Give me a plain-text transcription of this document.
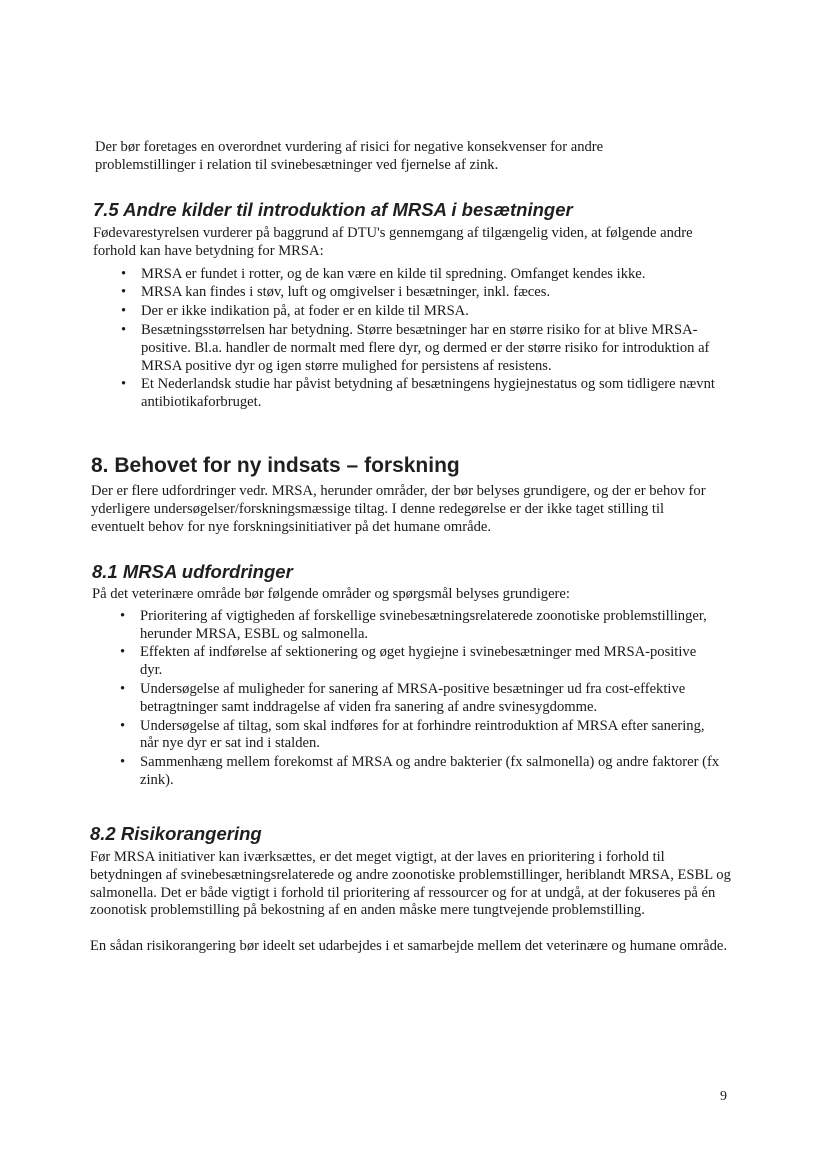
Der bør foretages en overordnet vurdering af risici for negative konsekvenser for andre problemstillinger i relation til svinebesætninger ved fjernelse af zink.

7.5 Andre kilder til introduktion af MRSA i besætninger

Fødevarestyrelsen vurderer på baggrund af DTU's gennemgang af tilgængelig viden, at følgende andre forhold kan have betydning for MRSA:

• MRSA er fundet i rotter, og de kan være en kilde til spredning. Omfanget kendes ikke.
• MRSA kan findes i støv, luft og omgivelser i besætninger, inkl. fæces.
• Der er ikke indikation på, at foder er en kilde til MRSA.
• Besætningsstørrelsen har betydning. Større besætninger har en større risiko for at blive MRSA-positive. Bl.a. handler de normalt med flere dyr, og dermed er der større risiko for introduktion af MRSA positive dyr og igen større mulighed for persistens af resistens.
• Et Nederlandsk studie har påvist betydning af besætningens hygiejnestatus og som tidligere nævnt antibiotikaforbruget.
8. Behovet for ny indsats – forskning

Der er flere udfordringer vedr. MRSA, herunder områder, der bør belyses grundigere, og der er behov for yderligere undersøgelser/forskningsmæssige tiltag. I denne redegørelse er der ikke taget stilling til eventuelt behov for nye forskningsinitiativer på det humane område.

8.1 MRSA udfordringer

På det veterinære område bør følgende områder og spørgsmål belyses grundigere:

• Prioritering af vigtigheden af forskellige svinebesætningsrelaterede zoonotiske problemstillinger, herunder MRSA, ESBL og salmonella.
• Effekten af indførelse af sektionering og øget hygiejne i svinebesætninger med MRSA-positive dyr.
• Undersøgelse af muligheder for sanering af MRSA-positive besætninger ud fra cost-effektive betragtninger samt inddragelse af viden fra sanering af andre svinesygdomme.
• Undersøgelse af tiltag, som skal indføres for at forhindre reintroduktion af MRSA efter sanering, når nye dyr er sat ind i stalden.
• Sammenhæng mellem forekomst af MRSA og andre bakterier (fx salmonella) og andre faktorer (fx zink).
8.2 Risikorangering

Før MRSA initiativer kan iværksættes, er det meget vigtigt, at der laves en prioritering i forhold til betydningen af svinebesætningsrelaterede og andre zoonotiske problemstillinger, heriblandt MRSA, ESBL og salmonella. Det er både vigtigt i forhold til prioritering af ressourcer og for at undgå, at der fokuseres på én zoonotisk problemstilling på bekostning af en anden måske mere tungtvejende problemstilling.

En sådan risikorangering bør ideelt set udarbejdes i et samarbejde mellem det veterinære og humane område.

9
